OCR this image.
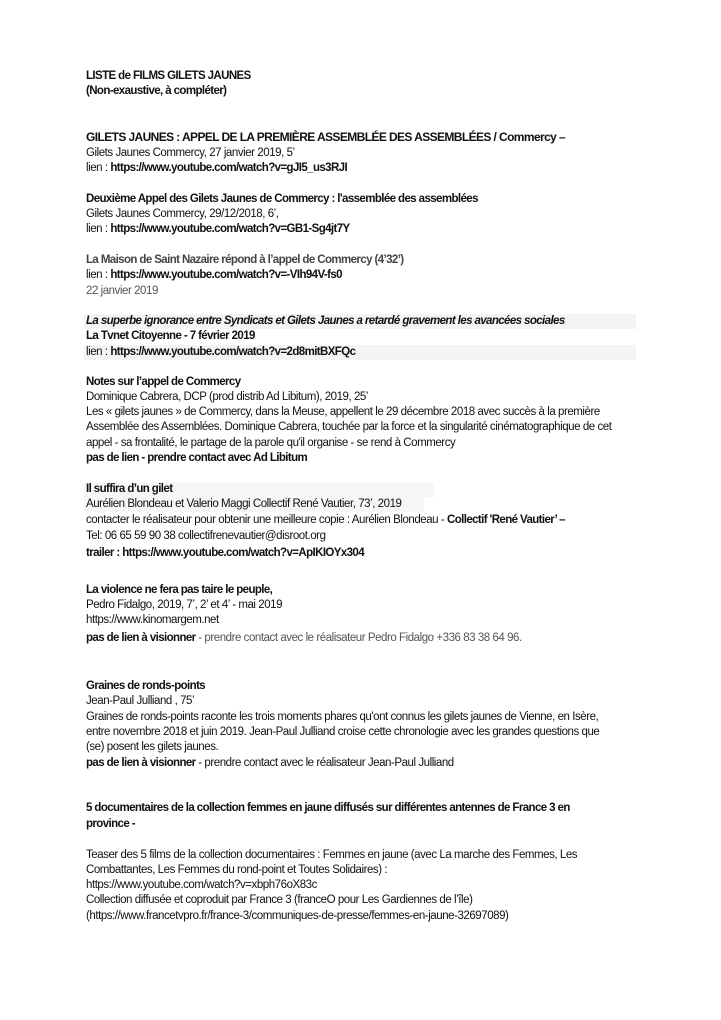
LISTE de FILMS GILETS JAUNES
(Non-exaustive, à compléter)
GILETS JAUNES : APPEL DE LA PREMIÈRE ASSEMBLÉE DES ASSEMBLÉES / Commercy –
Gilets Jaunes Commercy, 27 janvier 2019, 5’
lien : https://www.youtube.com/watch?v=gJI5_us3RJI
Deuxième Appel des Gilets Jaunes de Commercy : l'assemblée des assemblées
Gilets Jaunes Commercy, 29/12/2018, 6’,
lien : https://www.youtube.com/watch?v=GB1-Sg4jt7Y
La Maison de Saint Nazaire répond à l’appel de Commercy (4’32’)
lien : https://www.youtube.com/watch?v=-VIh94V-fs0
22 janvier 2019
La superbe ignorance entre Syndicats et Gilets Jaunes a retardé gravement les avancées sociales
La Tvnet Citoyenne - 7 février 2019
lien : https://www.youtube.com/watch?v=2d8mitBXFQc
Notes sur l’appel de Commercy
Dominique Cabrera, DCP (prod distrib Ad Libitum), 2019, 25’
Les « gilets jaunes » de Commercy, dans la Meuse, appellent le 29 décembre 2018 avec succès à la première
Assemblée des Assemblées. Dominique Cabrera, touchée par la force et la singularité cinématographique de cet
appel - sa frontalité, le partage de la parole qu'il organise - se rend à Commercy
pas de lien - prendre contact avec Ad Libitum
Il suffira d’un gilet
Aurélien Blondeau et Valerio Maggi Collectif René Vautier, 73’, 2019
contacter le réalisateur pour obtenir une meilleure copie : Aurélien Blondeau - Collectif 'René Vautier’ –
Tel: 06 65 59 90 38 collectifrenevautier@disroot.org
trailer : https://www.youtube.com/watch?v=ApIKIOYx304
La violence ne fera pas taire le peuple,
Pedro Fidalgo, 2019, 7’, 2’ et 4’ - mai 2019
https://www.kinomargem.net
pas de lien à visionner - prendre contact avec le réalisateur Pedro Fidalgo +336 83 38 64 96.
Graines de ronds-points
Jean-Paul Julliand , 75’
Graines de ronds-points raconte les trois moments phares qu'ont connus les gilets jaunes de Vienne, en Isère,
entre novembre 2018 et juin 2019. Jean-Paul Julliand croise cette chronologie avec les grandes questions que
(se) posent les gilets jaunes.
pas de lien à visionner - prendre contact avec le réalisateur Jean-Paul Julliand
5 documentaires de la collection femmes en jaune diffusés sur différentes antennes de France 3 en
province -
Teaser des 5 films de la collection documentaires : Femmes en jaune (avec La marche des Femmes, Les
Combattantes, Les Femmes du rond-point et Toutes Solidaires) :
https://www.youtube.com/watch?v=xbph76oX83c
Collection diffusée et coproduit par France 3 (franceO pour Les Gardiennes de l’île)
(https://www.francetvpro.fr/france-3/communiques-de-presse/femmes-en-jaune-32697089)
